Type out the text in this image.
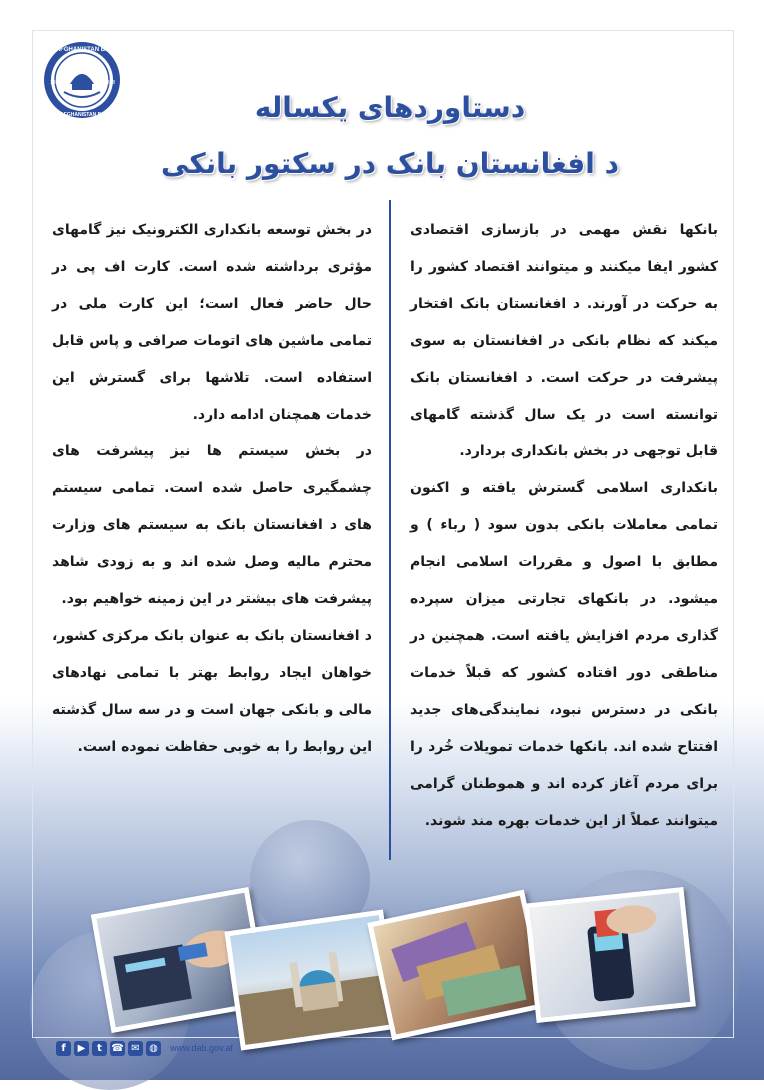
DA AFGHANISTAN BANK
DA AFGHANISTAN BANK
1939	1318
دستاوردهای یکساله
د افغانستان بانک در سکتور بانکی

بانکها نقش مهمی در بازسازی اقتصادی کشور ایفا میکنند و میتوانند اقتصاد کشور را به حرکت در آورند. د افغانستان بانک افتخار میکند که نظام بانکی در افغانستان به سوی پیشرفت در حرکت است. د افغانستان بانک توانسته است در یک سال گذشته گامهای قابل توجهی در بخش بانکداری بردارد.

بانکداری اسلامی گسترش یافته و اکنون تمامی معاملات بانکی بدون سود ( رباء ) و مطابق با اصول و مقررات اسلامی انجام میشود. در بانکهای تجارتی میزان سپرده گذاری مردم افزایش یافته است. همچنین در مناطقی دور افتاده کشور که قبلاً خدمات بانکی در دسترس نبود، نمایندگی‌های جدید افتتاح شده اند. بانکها خدمات تمویلات خُرد را برای مردم آغاز کرده اند و هموطنان گرامی میتوانند عملاً از این خدمات بهره مند شوند.

در بخش توسعه بانکداری الکترونیک نیز گامهای مؤثری برداشته شده است. کارت اف پی در حال حاضر فعال است؛ این کارت ملی در تمامی ماشین های اتومات صرافی و پاس قابل استفاده است. تلاشها برای گسترش این خدمات همچنان ادامه دارد.

در بخش سیستم ها نیز پیشرفت های چشمگیری حاصل شده است. تمامی سیستم های د افغانستان بانک به سیستم های وزارت محترم مالیه وصل شده اند و به زودی شاهد پیشرفت های بیشتر در این زمینه خواهیم بود.

د افغانستان بانک به عنوان بانک مرکزی کشور، خواهان ایجاد روابط بهتر با تمامی نهادهای مالی و بانکی جهان است و در سه سال گذشته این روابط را به خوبی حفاظت نموده است.

f	▶	t ☎ ✉ ◍	www.dab.gov.af
